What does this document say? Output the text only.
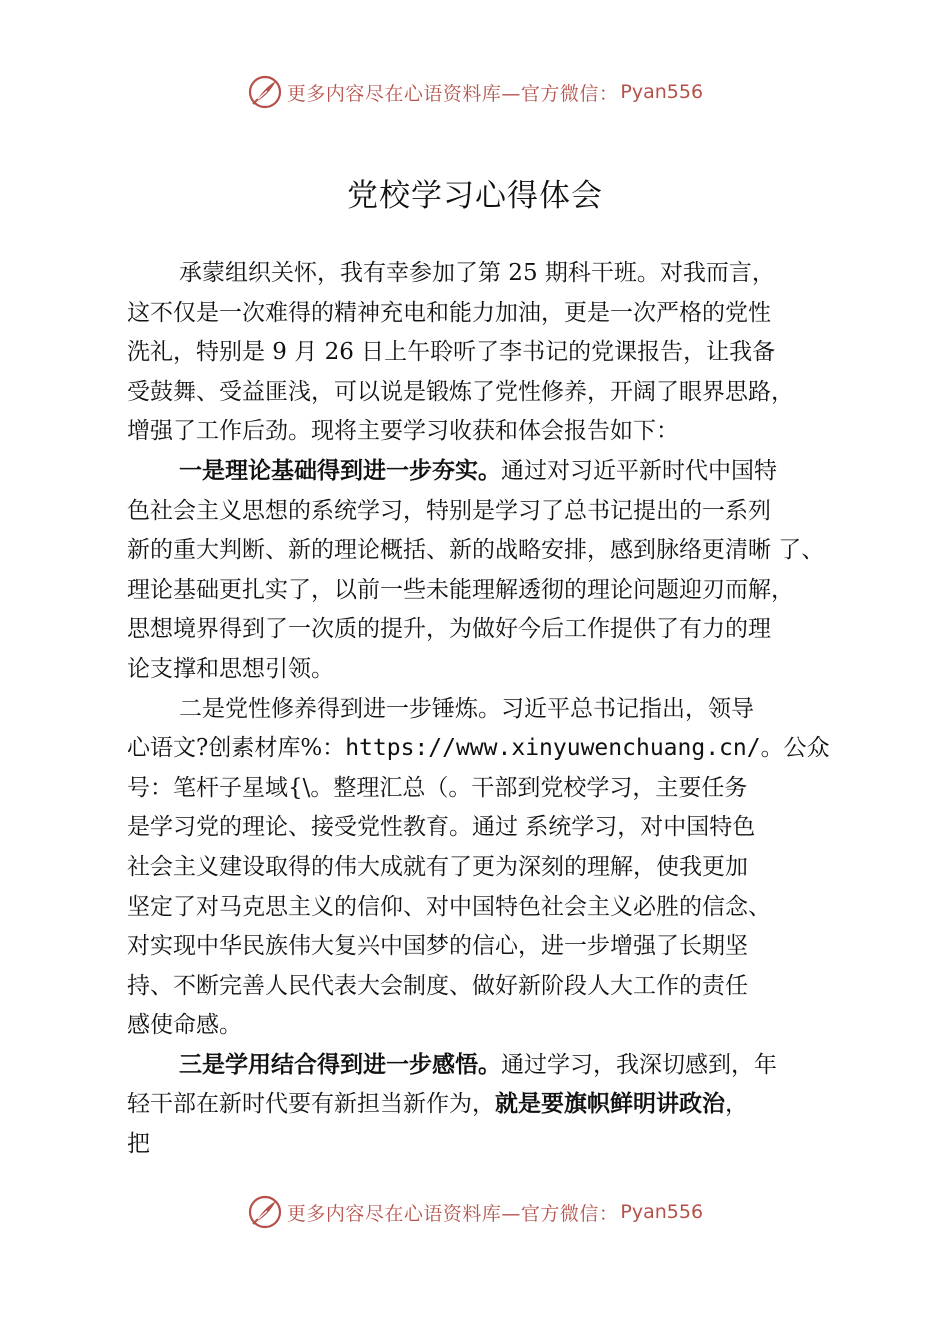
更多内容尽在心语资料库—官方微信： Pyan556
党校学习心得体会
承蒙组织关怀，我有幸参加了第 25 期科干班。对我而言，
这不仅是一次难得的精神充电和能力加油，更是一次严格的党性
洗礼，特别是 9 月 26 日上午聆听了李书记的党课报告，让我备
受鼓舞、受益匪浅，可以说是锻炼了党性修养，开阔了眼界思路，
增强了工作后劲。现将主要学习收获和体会报告如下：
一是理论基础得到进一步夯实。通过对习近平新时代中国特
色社会主义思想的系统学习，特别是学习了总书记提出的一系列
新的重大判断、新的理论概括、新的战略安排，感到脉络更清晰 了、
理论基础更扎实了，以前一些未能理解透彻的理论问题迎刃而解，
思想境界得到了一次质的提升，为做好今后工作提供了有力的理
论支撑和思想引领。
二是党性修养得到进一步锤炼。习近平总书记指出，领导
心语文?创素材库%：https://www.xinyuwenchuang.cn/。公众
号：笔杆子星域{\。整理汇总（。干部到党校学习，主要任务
是学习党的理论、接受党性教育。通过 系统学习，对中国特色
社会主义建设取得的伟大成就有了更为深刻的理解，使我更加
坚定了对马克思主义的信仰、对中国特色社会主义必胜的信念、
对实现中华民族伟大复兴中国梦的信心，进一步增强了长期坚
持、不断完善人民代表大会制度、做好新阶段人大工作的责任
感使命感。
三是学用结合得到进一步感悟。通过学习，我深切感到，年
轻干部在新时代要有新担当新作为，就是要旗帜鲜明讲政治，
把
更多内容尽在心语资料库—官方微信： Pyan556
